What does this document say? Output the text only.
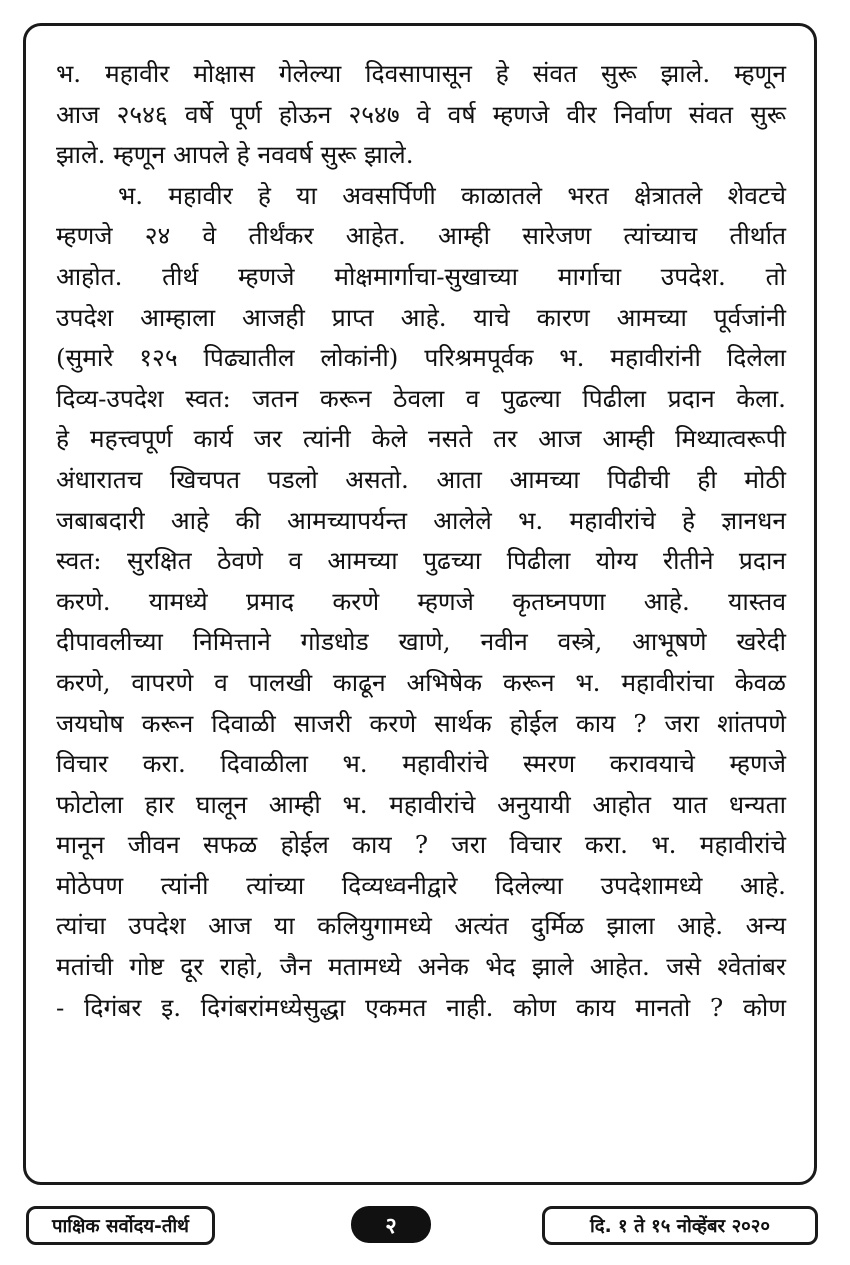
भ. महावीर मोक्षास गेलेल्या दिवसापासून हे संवत सुरू झाले. म्हणून
आज २५४६ वर्षे पूर्ण होऊन २५४७ वे वर्ष म्हणजे वीर निर्वाण संवत सुरू
झाले. म्हणून आपले हे नववर्ष सुरू झाले.
भ. महावीर हे या अवसर्पिणी काळातले भरत क्षेत्रातले शेवटचे
म्हणजे २४ वे तीर्थंकर आहेत. आम्ही सारेजण त्यांच्याच तीर्थात
आहोत. तीर्थ म्हणजे मोक्षमार्गाचा-सुखाच्या मार्गाचा उपदेश. तो
उपदेश आम्हाला आजही प्राप्त आहे. याचे कारण आमच्या पूर्वजांनी
(सुमारे १२५ पिढ्यातील लोकांनी) परिश्रमपूर्वक भ. महावीरांनी दिलेला
दिव्य-उपदेश स्वत: जतन करून ठेवला व पुढल्या पिढीला प्रदान केला.
हे महत्त्वपूर्ण कार्य जर त्यांनी केले नसते तर आज आम्ही मिथ्यात्वरूपी
अंधारातच खिचपत पडलो असतो. आता आमच्या पिढीची ही मोठी
जबाबदारी आहे की आमच्यापर्यन्त आलेले भ. महावीरांचे हे ज्ञानधन
स्वत: सुरक्षित ठेवणे व आमच्या पुढच्या पिढीला योग्य रीतीने प्रदान
करणे. यामध्ये प्रमाद करणे म्हणजे कृतघ्नपणा आहे. यास्तव
दीपावलीच्या निमित्ताने गोडधोड खाणे, नवीन वस्त्रे, आभूषणे खरेदी
करणे, वापरणे व पालखी काढून अभिषेक करून भ. महावीरांचा केवळ
जयघोष करून दिवाळी साजरी करणे सार्थक होईल काय ? जरा शांतपणे
विचार करा. दिवाळीला भ. महावीरांचे स्मरण करावयाचे म्हणजे
फोटोला हार घालून आम्ही भ. महावीरांचे अनुयायी आहोत यात धन्यता
मानून जीवन सफळ होईल काय ? जरा विचार करा. भ. महावीरांचे
मोठेपण त्यांनी त्यांच्या दिव्यध्वनीद्वारे दिलेल्या उपदेशामध्ये आहे.
त्यांचा उपदेश आज या कलियुगामध्ये अत्यंत दुर्मिळ झाला आहे. अन्य
मतांची गोष्ट दूर राहो, जैन मतामध्ये अनेक भेद झाले आहेत. जसे श्वेतांबर
- दिगंबर इ. दिगंबरांमध्येसुद्धा एकमत नाही. कोण काय मानतो ? कोण
पाक्षिक सर्वोदय-तीर्थ	२	दि. १ ते १५ नोव्हेंबर २०२०
